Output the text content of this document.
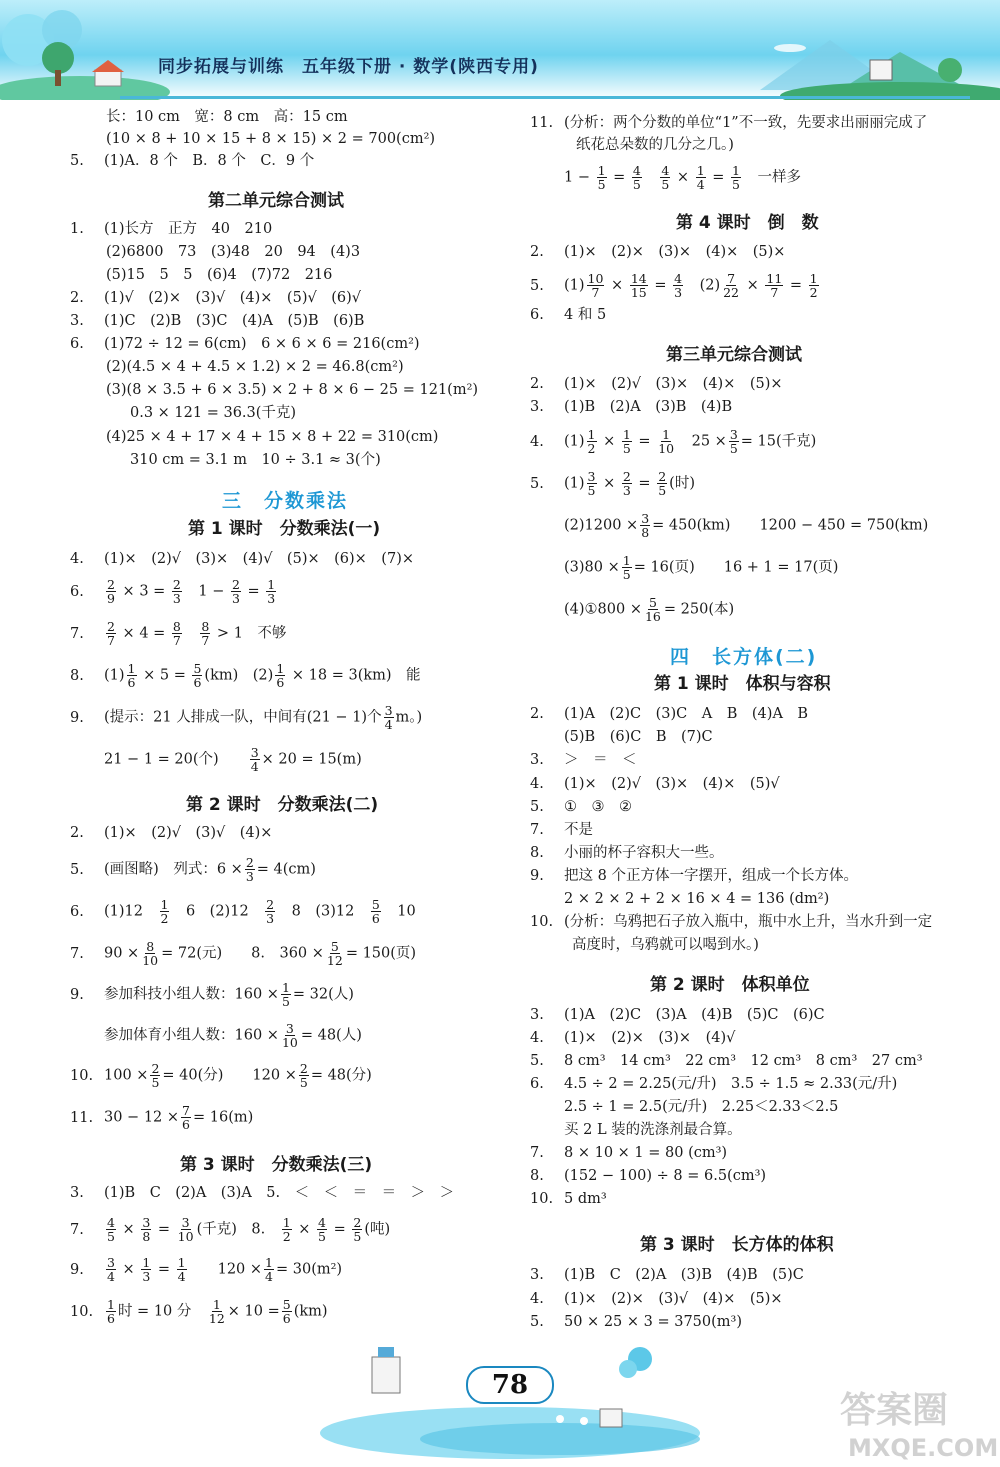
同步拓展与训练　五年级下册 · 数学(陕西专用)
长：10 cm　宽：8 cm　高：15 cm
(10 × 8 + 10 × 15 + 8 × 15) × 2 = 700(cm²)
5.	(1)A．8 个　B．8 个　C．9 个
第二单元综合测试
1.	(1)长方　正方　40　210
(2)6800　73　(3)48　20　94　(4)3
(5)15　5　5　(6)4　(7)72　216
2.	(1)√　(2)×　(3)√　(4)×　(5)√　(6)√
3.	(1)C　(2)B　(3)C　(4)A　(5)B　(6)B
6.	(1)72 ÷ 12 = 6(cm)　6 × 6 × 6 = 216(cm²)
(2)(4.5 × 4 + 4.5 × 1.2) × 2 = 46.8(cm²)
(3)(8 × 3.5 + 6 × 3.5) × 2 + 8 × 6 − 25 = 121(m²)
0.3 × 121 = 36.3(千克)
(4)25 × 4 + 17 × 4 + 15 × 8 + 22 = 310(cm)
310 cm = 3.1 m　10 ÷ 3.1 ≈ 3(个)
三　分数乘法
第 1 课时　分数乘法(一)
4.	(1)×　(2)√　(3)×　(4)√　(5)×　(6)×　(7)×
6.	$\frac{2}{9} \times 3 = \frac{2}{3}$ 　$1 - \frac{2}{3} = \frac{1}{3}$
7.	$\frac{2}{7} \times 4 = \frac{8}{7}$
　 $\frac{8}{7} > 1$　不够
8.	$(1) \frac{1}{6} \times 5 = \frac{5}{6} (km)$　$(2) \frac{1}{6} \times 18 = 3(km)$　能
9.	(提示：21 人排成一队，中间有(21 − 1)个 $\frac{3}{4}$ m。)
21 − 1 = 20(个)　　 $\frac{3}{4} \times 20 = 15(m)$
第 2 课时　分数乘法(二)
2.	(1)×　(2)√　(3)√　(4)×
5.	(画图略)　列式：$6 \times \frac{2}{3} = 4(cm)$
6.	(1)12　 $\frac{1}{2}$
　 6　(2)12　 $\frac{2}{3}$
　 8　(3)12　 $\frac{5}{6}$
　 10
7.	$90 \times \frac{8}{10} = 72$(元)　　8.　$360 \times \frac{5}{12} = 150$(页)
9.	参加科技小组人数：$160 \times \frac{1}{5} = 32$(人)
参加体育小组人数：$160 \times \frac{3}{10} = 48$(人)
10. $100 \times \frac{2}{5} = 40$(分)　　$120 \times \frac{2}{5} = 48$(分)
11. $30 - 12 \times \frac{7}{6} = 16(m)$
第 3 课时　分数乘法(三)
3.	(1)B　C　(2)A　(3)A　5.　＜　＜　＝　＝　＞　＞
7.	$\frac{4}{5} \times \frac{3}{8} = \frac{3}{10}$ (千克)　8.　 $\frac{1}{2} \times \frac{4}{5} = \frac{2}{5}$ (吨)
9.	$\frac{3}{4} \times \frac{1}{3} = \frac{1}{4}$
　　 $120 \times \frac{1}{4} = 30(m^2)$
10.	$\frac{1}{6}$ 时 = 10 分　 $\frac{1}{12} \times 10 = \frac{5}{6} (km)$
11. (分析：两个分数的单位“1”不一致，先要求出丽丽完成了
纸花总朵数的几分之几。)
$1 - \frac{1}{5} = \frac{4}{5}$
　 $\frac{4}{5} \times \frac{1}{4} = \frac{1}{5}$
　 一样多
第 4 课时　倒　数
2.	(1)×　(2)×　(3)×　(4)×　(5)×
5.	$(1) \frac{10}{7} \times \frac{14}{15} = \frac{4}{3}$
　 $(2) \frac{7}{22} \times \frac{11}{7} = \frac{1}{2}$
6.	4 和 5
第三单元综合测试
2.	(1)×　(2)√　(3)×　(4)×　(5)×
3.	(1)B　(2)A　(3)B　(4)B
4.	$(1) \frac{1}{2} \times \frac{1}{5} = \frac{1}{10}$
　 $25 \times \frac{3}{5} = 15$(千克)
5.	$(1) \frac{3}{5} \times \frac{2}{3} = \frac{2}{5}$ (时)
$(2)1200 \times \frac{3}{8} = 450(km)$　　1200 − 450 = 750(km)
$(3)80 \times \frac{1}{5} = 16$(页)　　16 + 1 = 17(页)
(4)①800 × $\frac{5}{16} = 250$(本)
四　长方体(二)
第 1 课时　体积与容积
2.	(1)A　(2)C　(3)C　A　B　(4)A　B
(5)B　(6)C　B　(7)C
3.	＞　＝　＜
4.	(1)×　(2)√　(3)×　(4)×　(5)√
5.	①　③　②
7.	不是
8.	小丽的杯子容积大一些。
9.	把这 8 个正方体一字摆开，组成一个长方体。
2 × 2 × 2 + 2 × 16 × 4 = 136 (dm²)
10. (分析：乌鸦把石子放入瓶中，瓶中水上升，当水升到一定
高度时，乌鸦就可以喝到水。)
第 2 课时　体积单位
3.	(1)A　(2)C　(3)A　(4)B　(5)C　(6)C
4.	(1)×　(2)×　(3)×　(4)√
5.	8 cm³　14 cm³　22 cm³　12 cm³　8 cm³　27 cm³
6.	4.5 ÷ 2 = 2.25(元/升)　3.5 ÷ 1.5 ≈ 2.33(元/升)
2.5 ÷ 1 = 2.5(元/升)　2.25＜2.33＜2.5
买 2 L 装的洗涤剂最合算。
7.	8 × 10 × 1 = 80 (cm³)
8.	(152 − 100) ÷ 8 = 6.5(cm³)
10. 5 dm³
第 3 课时　长方体的体积
3.	(1)B　C　(2)A　(3)B　(4)B　(5)C
4.	(1)×　(2)×　(3)√　(4)×　(5)×
5.	50 × 25 × 3 = 3750(m³)
78
答案圈
MXQE.COM
